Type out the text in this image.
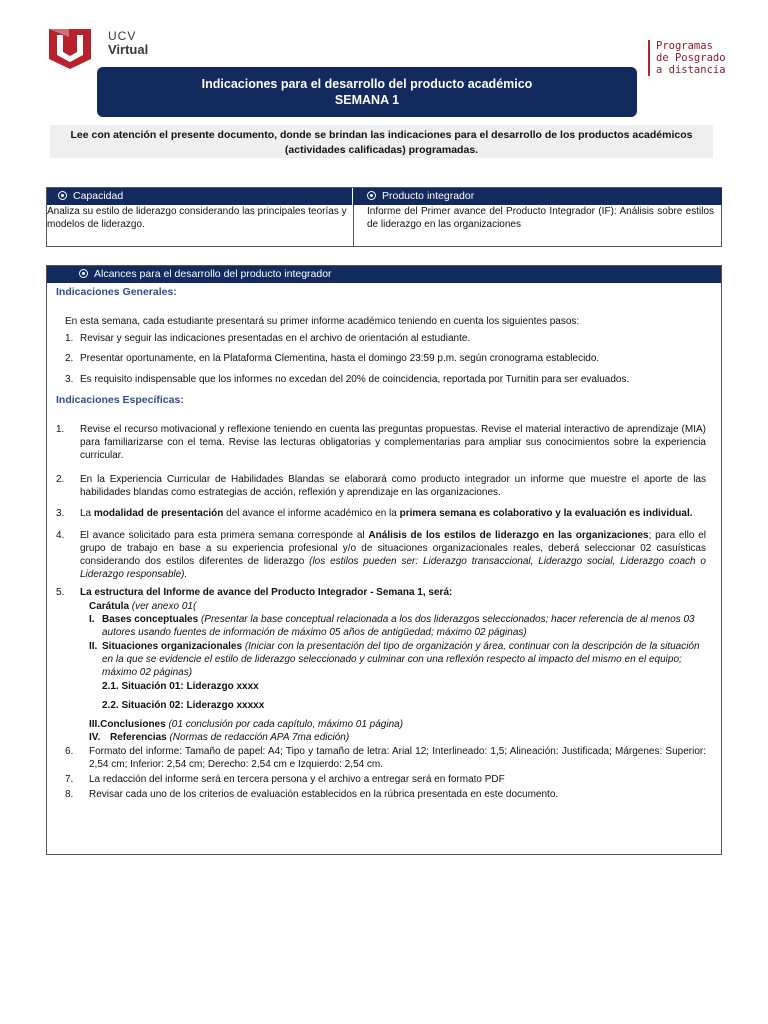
UCV
Virtual	Programas
de Posgrado
a distancia
Indicaciones para el desarrollo del producto académico
SEMANA 1
Lee con atención el presente documento, donde se brindan las indicaciones para el desarrollo de los productos académicos (actividades calificadas) programadas.
Capacidad	Producto integrador
Analiza su estilo de liderazgo considerando las principales teorías y modelos de liderazgo.
Informe del Primer avance del Producto Integrador (IF): Análisis sobre estilos de liderazgo en las organizaciones
Alcances para el desarrollo del producto integrador
Indicaciones Generales:
En esta semana, cada estudiante presentará su primer informe académico teniendo en cuenta los siguientes pasos:
1. Revisar y seguir las indicaciones presentadas en el archivo de orientación al estudiante.
2. Presentar oportunamente, en la Plataforma Clementina, hasta el domingo 23:59 p.m. según cronograma establecido.
3. Es requisito indispensable que los informes no excedan del 20% de coincidencia, reportada por Turnitin para ser evaluados.
Indicaciones Específicas:
1. Revise el recurso motivacional y reflexione teniendo en cuenta las preguntas propuestas. Revise el material interactivo de aprendizaje (MIA) para familiarizarse con el tema. Revise las lecturas obligatorias y complementarias para ampliar sus conocimientos sobre la experiencia curricular.
2. En la Experiencia Curricular de Habilidades Blandas se elaborará como producto integrador un informe que muestre el aporte de las habilidades blandas como estrategias de acción, reflexión y aprendizaje en las organizaciones.
3. La modalidad de presentación del avance el informe académico en la primera semana es colaborativo y la evaluación es individual.
4. El avance solicitado para esta primera semana corresponde al Análisis de los estilos de liderazgo en las organizaciones; para ello el grupo de trabajo en base a su experiencia profesional y/o de situaciones organizacionales reales, deberá seleccionar 02 casuísticas considerando dos estilos diferentes de liderazgo (los estilos pueden ser: Liderazgo transaccional, Liderazgo social, Liderazgo coach o Liderazgo responsable).
5. La estructura del Informe de avance del Producto Integrador - Semana 1, será:
Carátula (ver anexo 01(
I. Bases conceptuales (Presentar la base conceptual relacionada a los dos liderazgos seleccionados; hacer referencia de al menos 03 autores usando fuentes de información de máximo 05 años de antigüedad; máximo 02 páginas)
II. Situaciones organizacionales (Iniciar con la presentación del tipo de organización y área, continuar con la descripción de la situación en la que se evidencie el estilo de liderazgo seleccionado y culminar con una reflexión respecto al impacto del mismo en el equipo; máximo 02 páginas)
2.1. Situación 01: Liderazgo xxxx
2.2. Situación 02: Liderazgo xxxxx
III.Conclusiones (01 conclusión por cada capítulo, máximo 01 página)
IV. Referencias (Normas de redacción APA 7ma edición)
6. Formato del informe: Tamaño de papel: A4; Tipo y tamaño de letra: Arial 12; Interlineado: 1,5; Alineación: Justificada; Márgenes: Superior: 2,54 cm; Inferior: 2,54 cm; Derecho: 2,54 cm e Izquierdo: 2,54 cm.
7. La redacción del informe será en tercera persona y el archivo a entregar será en formato PDF
8. Revisar cada uno de los criterios de evaluación establecidos en la rúbrica presentada en este documento.
